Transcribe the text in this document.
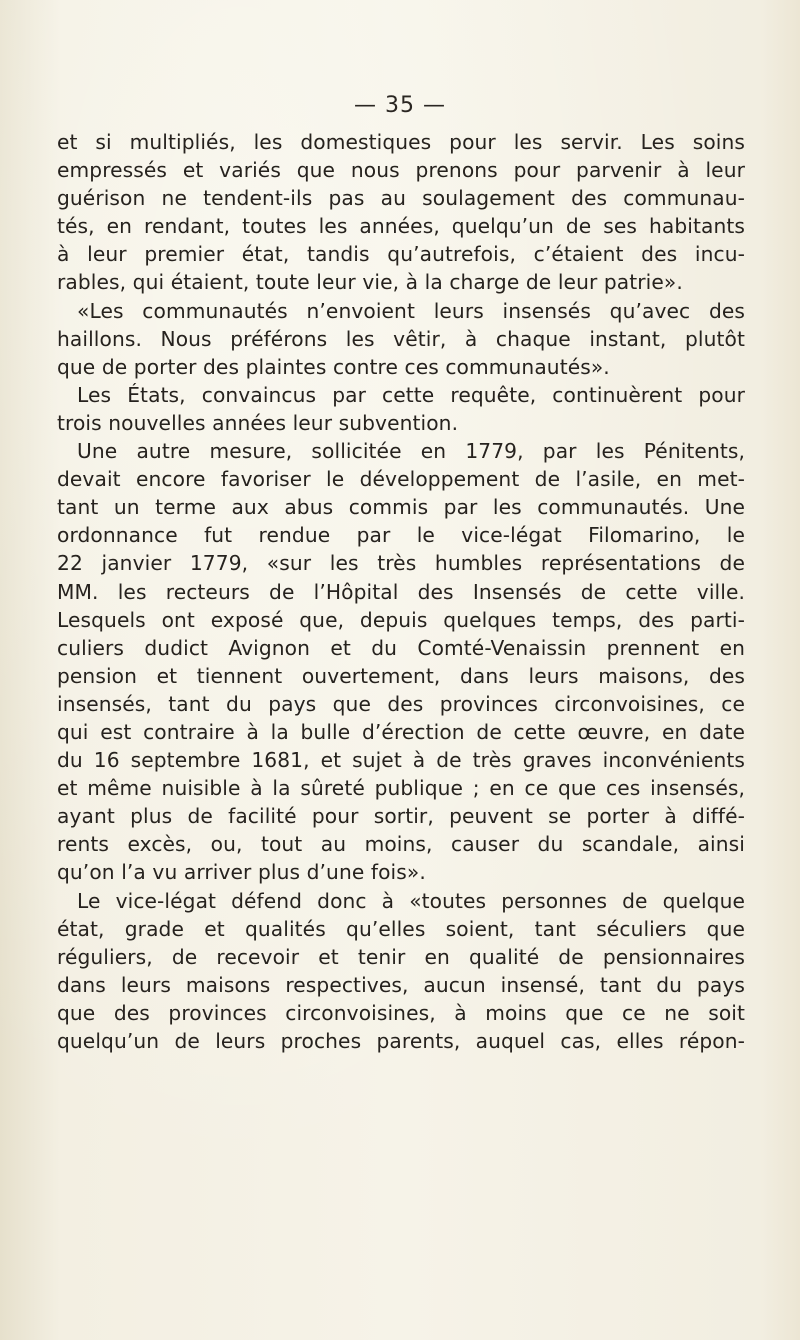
— 35 —
et si multipliés, les domestiques pour les servir. Les soins
empressés et variés que nous prenons pour parvenir à leur
guérison ne tendent-ils pas au soulagement des communau-
tés, en rendant, toutes les années, quelqu’un de ses habitants
à leur premier état, tandis qu’autrefois, c’étaient des incu-
rables, qui étaient, toute leur vie, à la charge de leur patrie».
«Les communautés n’envoient leurs insensés qu’avec des
haillons. Nous préférons les vêtir, à chaque instant, plutôt
que de porter des plaintes contre ces communautés».
Les États, convaincus par cette requête, continuèrent pour
trois nouvelles années leur subvention.
Une autre mesure, sollicitée en 1779, par les Pénitents,
devait encore favoriser le développement de l’asile, en met-
tant un terme aux abus commis par les communautés. Une
ordonnance fut rendue par le vice-légat Filomarino, le
22 janvier 1779, «sur les très humbles représentations de
MM. les recteurs de l’Hôpital des Insensés de cette ville.
Lesquels ont exposé que, depuis quelques temps, des parti-
culiers dudict Avignon et du Comté-Venaissin prennent en
pension et tiennent ouvertement, dans leurs maisons, des
insensés, tant du pays que des provinces circonvoisines, ce
qui est contraire à la bulle d’érection de cette œuvre, en date
du 16 septembre 1681, et sujet à de très graves inconvénients
et même nuisible à la sûreté publique ; en ce que ces insensés,
ayant plus de facilité pour sortir, peuvent se porter à diffé-
rents excès, ou, tout au moins, causer du scandale, ainsi
qu’on l’a vu arriver plus d’une fois».
Le vice-légat défend donc à «toutes personnes de quelque
état, grade et qualités qu’elles soient, tant séculiers que
réguliers, de recevoir et tenir en qualité de pensionnaires
dans leurs maisons respectives, aucun insensé, tant du pays
que des provinces circonvoisines, à moins que ce ne soit
quelqu’un de leurs proches parents, auquel cas, elles répon-
